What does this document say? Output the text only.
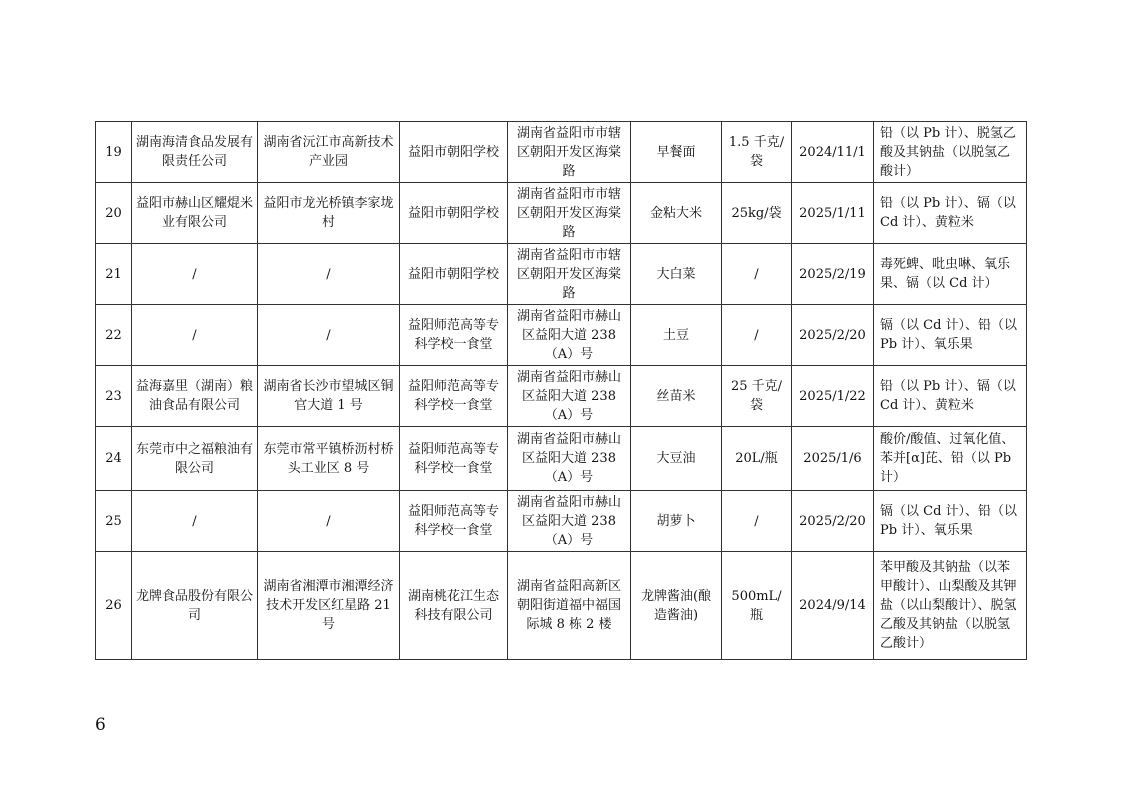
19	湖南海清食品发展有限责任公司	湖南省沅江市高新技术产业园	益阳市朝阳学校	湖南省益阳市市辖区朝阳开发区海棠路	早餐面	1.5 千克/袋	2024/11/1	铅（以 Pb 计）、脱氢乙酸及其钠盐（以脱氢乙酸计）
20	益阳市赫山区耀焜米业有限公司	益阳市龙光桥镇李家垅村	益阳市朝阳学校	湖南省益阳市市辖区朝阳开发区海棠路	金粘大米	25kg/袋	2025/1/11	铅（以 Pb 计）、镉（以 Cd 计）、黄粒米
21	/	/	益阳市朝阳学校	湖南省益阳市市辖区朝阳开发区海棠路	大白菜	/	2025/2/19	毒死蜱、吡虫啉、氧乐果、镉（以 Cd 计）
22	/	/	益阳师范高等专科学校一食堂	湖南省益阳市赫山区益阳大道 238（A）号	土豆	/	2025/2/20	镉（以 Cd 计）、铅（以 Pb 计）、氧乐果
23	益海嘉里（湖南）粮油食品有限公司	湖南省长沙市望城区铜官大道 1 号	益阳师范高等专科学校一食堂	湖南省益阳市赫山区益阳大道 238（A）号	丝苗米	25 千克/袋	2025/1/22	铅（以 Pb 计）、镉（以 Cd 计）、黄粒米
24	东莞市中之福粮油有限公司	东莞市常平镇桥沥村桥头工业区 8 号	益阳师范高等专科学校一食堂	湖南省益阳市赫山区益阳大道 238（A）号	大豆油	20L/瓶	2025/1/6	酸价/酸值、过氧化值、苯并[α]芘、铅（以 Pb 计）
25	/	/	益阳师范高等专科学校一食堂	湖南省益阳市赫山区益阳大道 238（A）号	胡萝卜	/	2025/2/20	镉（以 Cd 计）、铅（以 Pb 计）、氧乐果
26	龙牌食品股份有限公司	湖南省湘潭市湘潭经济技术开发区红星路 21 号	湖南桃花江生态科技有限公司	湖南省益阳高新区朝阳街道福中福国际城 8 栋 2 楼	龙牌酱油(酿造酱油)	500mL/瓶	2024/9/14	苯甲酸及其钠盐（以苯甲酸计）、山梨酸及其钾盐（以山梨酸计）、脱氢乙酸及其钠盐（以脱氢乙酸计）
6
